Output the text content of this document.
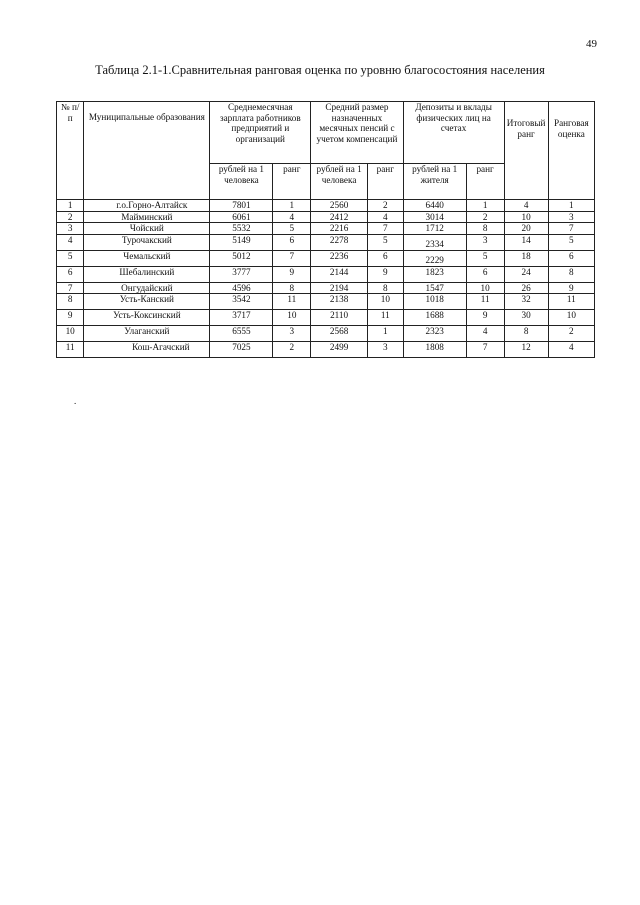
49
Таблица 2.1-1.Сравнительная ранговая оценка по уровню благосостояния населения
№ п/ п	Муниципальные образования	Среднемесячная зарплата работников предприятий и организаций		Средний размер назначенных месячных пенсий с учетом компенсаций		Депозиты и вклады физических лиц на счетах		Итоговый ранг	Ранговая оценка
		рублей на 1 человека	ранг	рублей на 1 человека	ранг	рублей на 1 жителя	ранг		
1	г.о.Горно-Алтайск	7801	1	2560	2	6440	1	4	1
2	Майминский	6061	4	2412	4	3014	2	10	3
3	Чойский	5532	5	2216	7	1712	8	20	7
4	Турочакский	5149	6	2278	5	2334	3	14	5
5	Чемальский	5012	7	2236	6	2229	5	18	6
6	Шебалинский	3777	9	2144	9	1823	6	24	8
7	Онгудайский	4596	8	2194	8	1547	10	26	9
8	Усть-Канский	3542	11	2138	10	1018	11	32	11
9	Усть-Коксинский	3717	10	2110	11	1688	9	30	10
10	Улаганский	6555	3	2568	1	2323	4	8	2
11	Кош-Агачский	7025	2	2499	3	1808	7	12	4
.
